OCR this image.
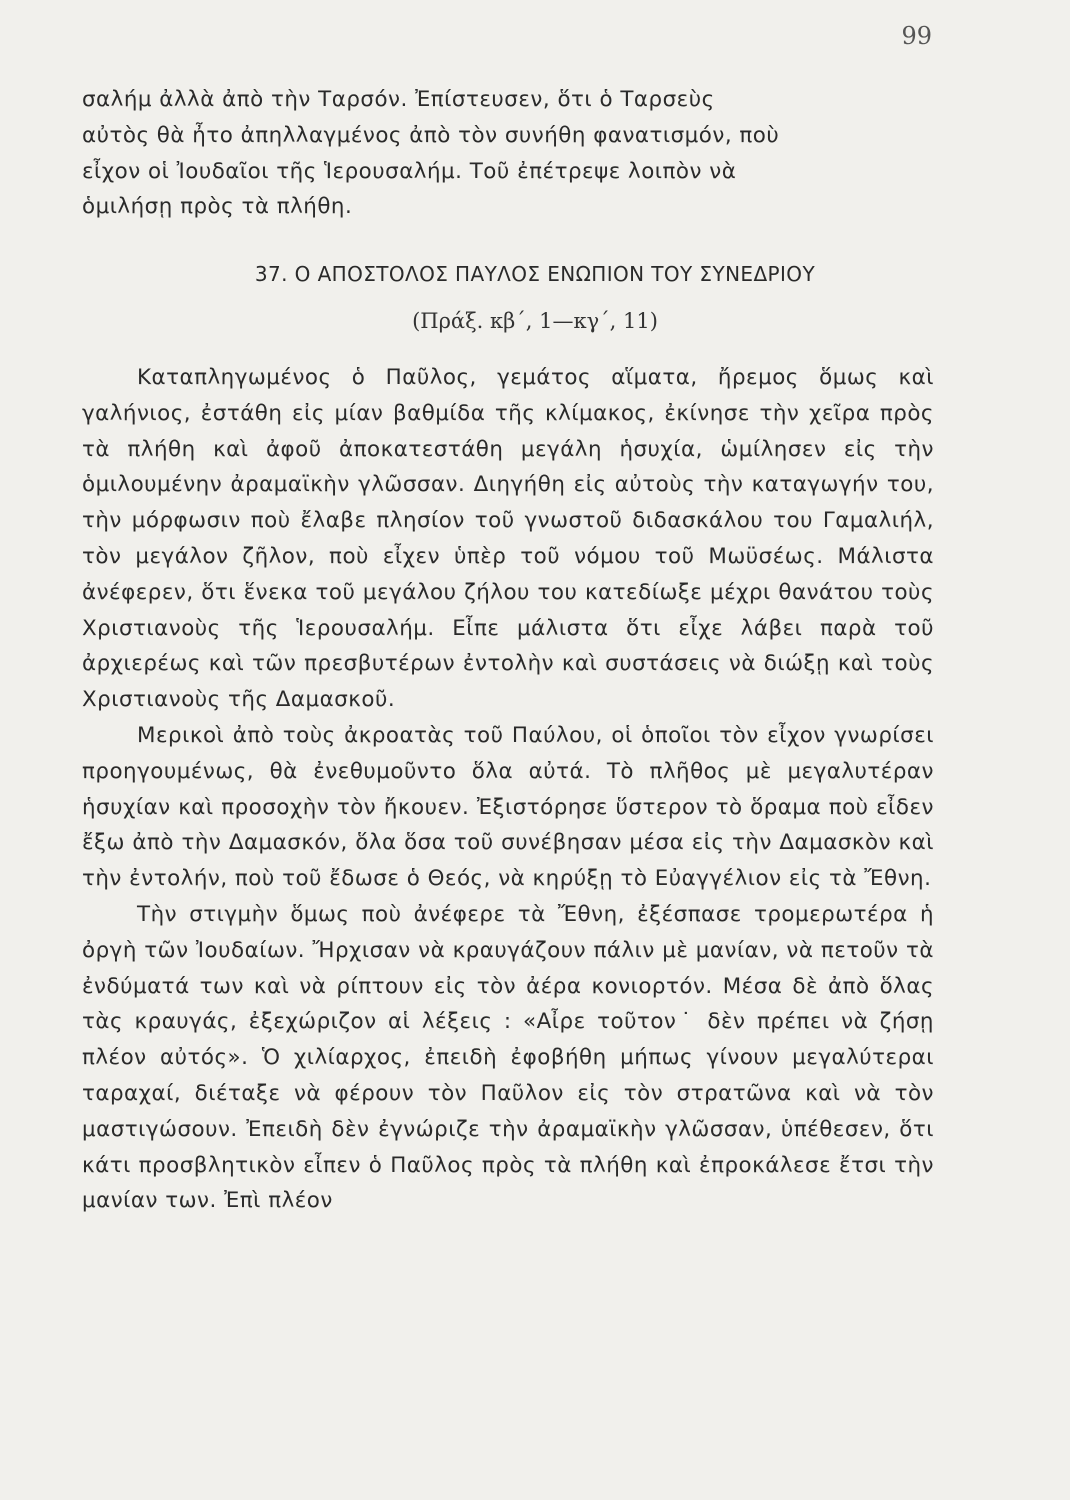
99

σαλήμ ἀλλὰ ἀπὸ τὴν Ταρσόν. Ἐπίστευσεν, ὅτι ὁ Ταρσεὺς

αὐτὸς θὰ ἦτο ἀπηλλαγμένος ἀπὸ τὸν συνήθη φανατισμόν, ποὺ

εἶχον οἱ Ἰουδαῖοι τῆς Ἱερουσαλήμ. Τοῦ ἐπέτρεψε λοιπὸν νὰ

ὁμιλήσῃ πρὸς τὰ πλήθη.

37. Ο ΑΠΟΣΤΟΛΟΣ ΠΑΥΛΟΣ ΕΝΩΠΙΟΝ ΤΟΥ ΣΥΝΕΔΡΙΟΥ
(Πράξ. κβ΄, 1—κγ΄, 11)

Καταπληγωμένος ὁ Παῦλος, γεμάτος αἵματα, ἤρεμος ὅμως καὶ γαλήνιος, ἐστάθη εἰς μίαν βαθμίδα τῆς κλίμακος, ἐκίνησε τὴν χεῖρα πρὸς τὰ πλήθη καὶ ἀφοῦ ἀποκατεστάθη μεγάλη ἡσυχία, ὡμίλησεν εἰς τὴν ὁμιλουμένην ἀραμαϊκὴν γλῶσσαν. Διηγήθη εἰς αὐτοὺς τὴν καταγωγήν του, τὴν μόρφωσιν ποὺ ἔλαβε πλησίον τοῦ γνωστοῦ διδασκάλου του Γαμαλιήλ, τὸν μεγάλον ζῆλον, ποὺ εἶχεν ὑπὲρ τοῦ νόμου τοῦ Μωϋσέως. Μάλιστα ἀνέφερεν, ὅτι ἕνεκα τοῦ μεγάλου ζήλου του κατεδίωξε μέχρι θανάτου τοὺς Χριστιανοὺς τῆς Ἱερουσαλήμ. Εἶπε μάλιστα ὅτι εἶχε λάβει παρὰ τοῦ ἀρχιερέως καὶ τῶν πρεσβυτέρων ἐντολὴν καὶ συστάσεις νὰ διώξῃ καὶ τοὺς Χριστιανοὺς τῆς Δαμασκοῦ.

Μερικοὶ ἀπὸ τοὺς ἀκροατὰς τοῦ Παύλου, οἱ ὁποῖοι τὸν εἶχον γνωρίσει προηγουμένως, θὰ ἐνεθυμοῦντο ὅλα αὐτά. Τὸ πλῆθος μὲ μεγαλυτέραν ἡσυχίαν καὶ προσοχὴν τὸν ἤκουεν. Ἐξιστόρησε ὕστερον τὸ ὅραμα ποὺ εἶδεν ἔξω ἀπὸ τὴν Δαμασκόν, ὅλα ὅσα τοῦ συνέβησαν μέσα εἰς τὴν Δαμασκὸν καὶ τὴν ἐντολήν, ποὺ τοῦ ἔδωσε ὁ Θεός, νὰ κηρύξῃ τὸ Εὐαγγέλιον εἰς τὰ Ἔθνη.

Τὴν στιγμὴν ὅμως ποὺ ἀνέφερε τὰ Ἔθνη, ἐξέσπασε τρομερωτέρα ἡ ὀργὴ τῶν Ἰουδαίων. Ἤρχισαν νὰ κραυγάζουν πάλιν μὲ μανίαν, νὰ πετοῦν τὰ ἐνδύματά των καὶ νὰ ρίπτουν εἰς τὸν ἀέρα κονιορτόν. Μέσα δὲ ἀπὸ ὅλας τὰς κραυγάς, ἐξεχώριζον αἱ λέξεις : «Αἶρε τοῦτον˙ δὲν πρέπει νὰ ζήσῃ πλέον αὐτός». Ὁ χιλίαρχος, ἐπειδὴ ἐφοβήθη μήπως γίνουν μεγαλύτεραι ταραχαί, διέταξε νὰ φέρουν τὸν Παῦλον εἰς τὸν στρατῶνα καὶ νὰ τὸν μαστιγώσουν. Ἐπειδὴ δὲν ἐγνώριζε τὴν ἀραμαϊκὴν γλῶσσαν, ὑπέθεσεν, ὅτι κάτι προσβλητικὸν εἶπεν ὁ Παῦλος πρὸς τὰ πλήθη καὶ ἐπροκάλεσε ἔτσι τὴν μανίαν των. Ἐπὶ πλέον
